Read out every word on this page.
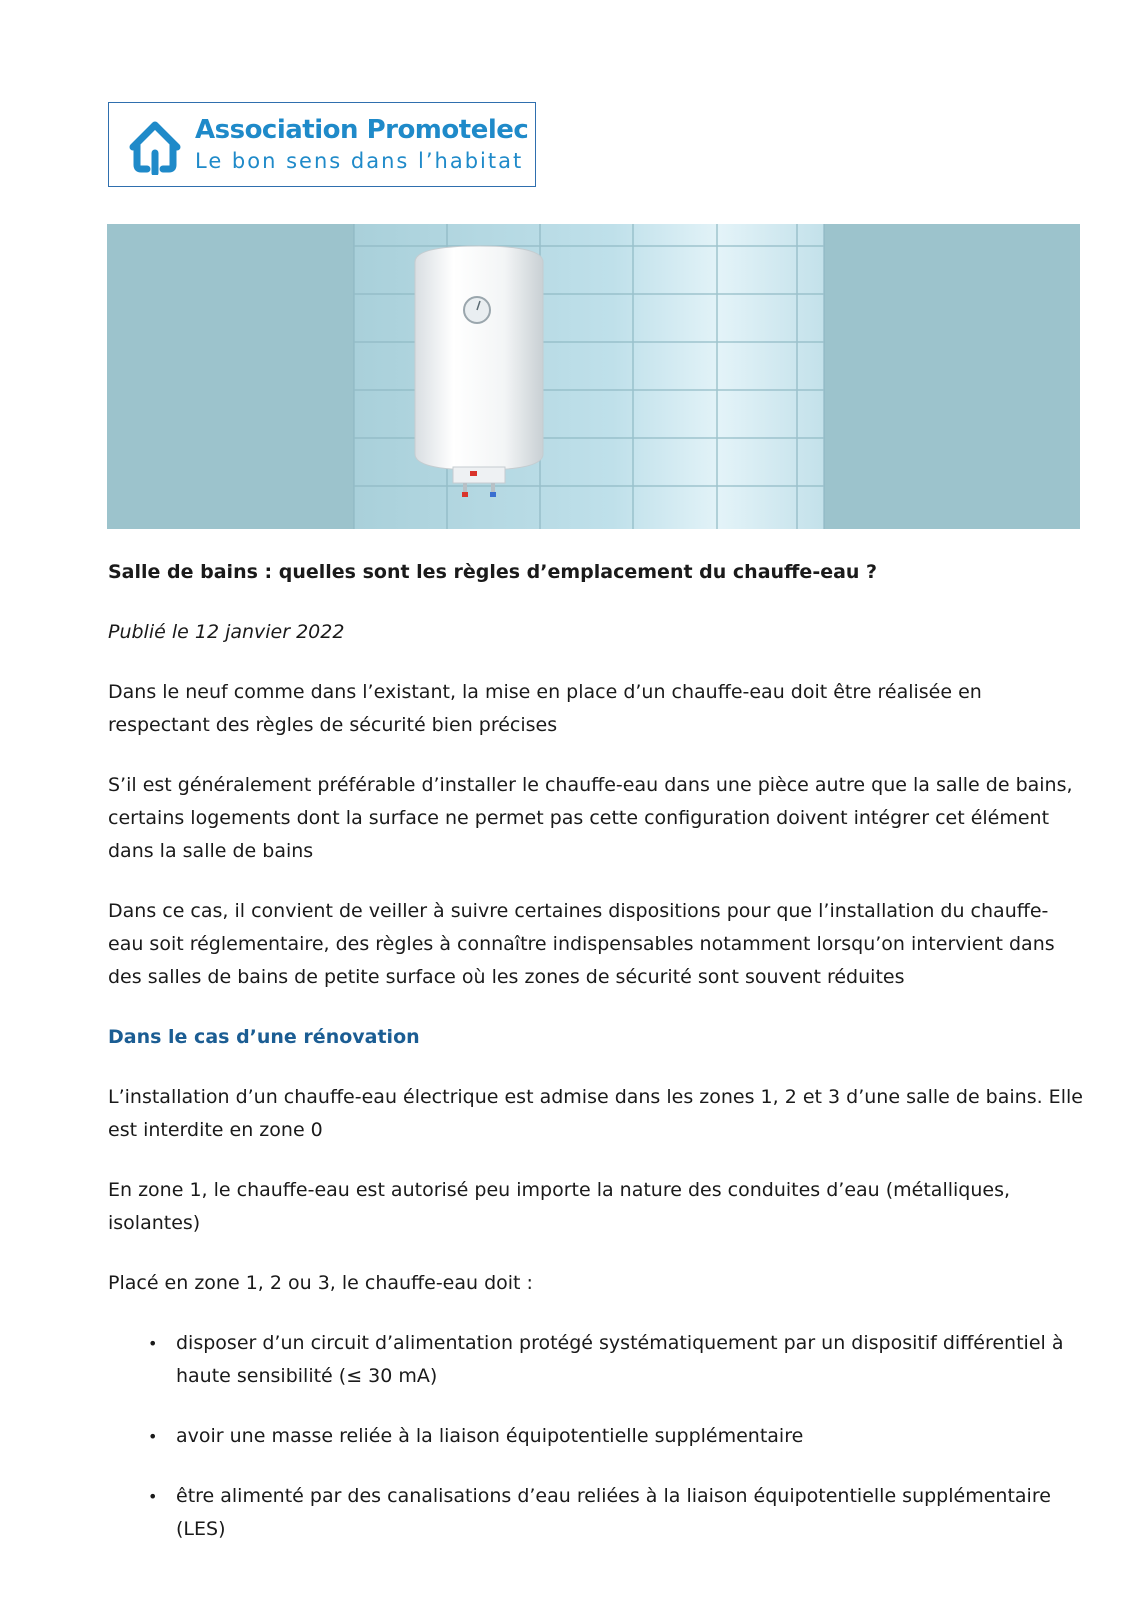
Association Promotelec
Le bon sens dans l’habitat
Salle de bains : quelles sont les règles d’emplacement du chauffe-eau ?
Publié le 12 janvier 2022
Dans le neuf comme dans l’existant, la mise en place d’un chauffe-eau doit être réalisée en respectant des règles de sécurité bien précises
S’il est généralement préférable d’installer le chauffe-eau dans une pièce autre que la salle de bains, certains logements dont la surface ne permet pas cette configuration doivent intégrer cet élément dans la salle de bains
Dans ce cas, il convient de veiller à suivre certaines dispositions pour que l’installation du chauffe-eau soit réglementaire, des règles à connaître indispensables notamment lorsqu’on intervient dans des salles de bains de petite surface où les zones de sécurité sont souvent réduites
Dans le cas d’une rénovation
L’installation d’un chauffe-eau électrique est admise dans les zones 1, 2 et 3 d’une salle de bains. Elle est interdite en zone 0
En zone 1, le chauffe-eau est autorisé peu importe la nature des conduites d’eau (métalliques, isolantes)
Placé en zone 1, 2 ou 3, le chauffe-eau doit :
• disposer d’un circuit d’alimentation protégé systématiquement par un dispositif différentiel à haute sensibilité (≤ 30 mA)
• avoir une masse reliée à la liaison équipotentielle supplémentaire
• être alimenté par des canalisations d’eau reliées à la liaison équipotentielle supplémentaire (LES)
